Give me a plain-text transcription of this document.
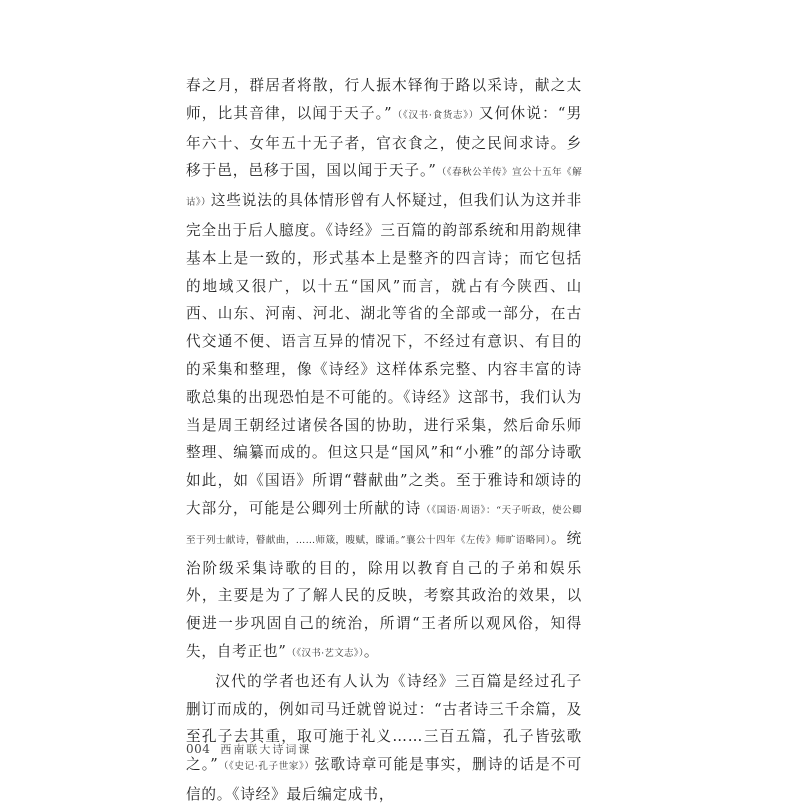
春之月，群居者将散，行人振木铎徇于路以采诗，献之太师，比其音律，以闻于天子。”（《汉书·食货志》）又何休说：“男年六十、女年五十无子者，官衣食之，使之民间求诗。乡移于邑，邑移于国，国以闻于天子。”（《春秋公羊传》宣公十五年《解诂》）这些说法的具体情形曾有人怀疑过，但我们认为这并非完全出于后人臆度。《诗经》三百篇的韵部系统和用韵规律基本上是一致的，形式基本上是整齐的四言诗；而它包括的地域又很广，以十五“国风”而言，就占有今陕西、山西、山东、河南、河北、湖北等省的全部或一部分，在古代交通不便、语言互异的情况下，不经过有意识、有目的的采集和整理，像《诗经》这样体系完整、内容丰富的诗歌总集的出现恐怕是不可能的。《诗经》这部书，我们认为当是周王朝经过诸侯各国的协助，进行采集，然后命乐师整理、编纂而成的。但这只是“国风”和“小雅”的部分诗歌如此，如《国语》所谓“瞽献曲”之类。至于雅诗和颂诗的大部分，可能是公卿列士所献的诗（《国语·周语》：“天子听政，使公卿至于列士献诗，瞽献曲，……师箴，瞍赋，矇诵。”襄公十四年《左传》师旷语略同）。统治阶级采集诗歌的目的，除用以教育自己的子弟和娱乐外，主要是为了了解人民的反映，考察其政治的效果，以便进一步巩固自己的统治，所谓“王者所以观风俗，知得失，自考正也”（《汉书·艺文志》）。

汉代的学者也还有人认为《诗经》三百篇是经过孔子删订而成的，例如司马迁就曾说过：“古者诗三千余篇，及至孔子去其重，取可施于礼义……三百五篇，孔子皆弦歌之。”（《史记·孔子世家》）弦歌诗章可能是事实，删诗的话是不可信的。《诗经》最后编定成书，

004 西南联大诗词课
